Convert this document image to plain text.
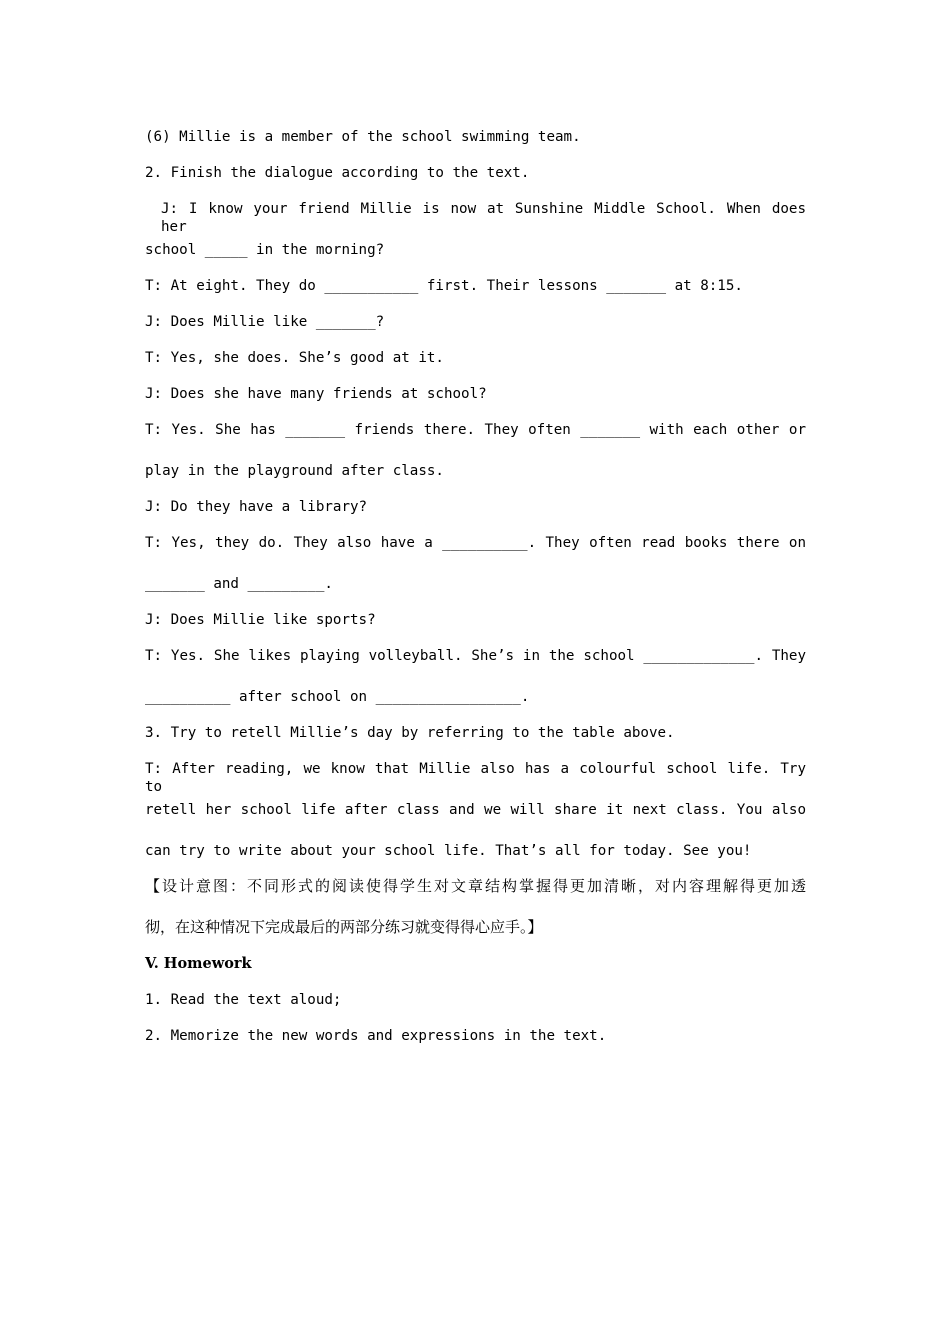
(6) Millie is a member of the school swimming team.
2. Finish the dialogue according to the text.
J: I know your friend Millie is now at Sunshine Middle School. When does her
school _____ in the morning?
T: At eight. They do ___________ first. Their lessons _______ at 8:15.
J: Does Millie like _______?
T: Yes, she does. She’s good at it.
J: Does she have many friends at school?
T: Yes. She has _______ friends there. They often _______ with each other or
play in the playground after class.
J: Do they have a library?
T: Yes, they do. They also have a __________. They often read books there on
_______ and _________.
J: Does Millie like sports?
T: Yes. She likes playing volleyball. She’s in the school _____________. They
__________ after school on _________________.
3. Try to retell Millie’s day by referring to the table above.
T: After reading, we know that Millie also has a colourful school life. Try to
retell her school life after class and we will share it next class. You also
can try to write about your school life. That’s all for today. See you!
【设计意图：不同形式的阅读使得学生对文章结构掌握得更加清晰，对内容理解得更加透
彻，在这种情况下完成最后的两部分练习就变得得心应手。】
V. Homework
1. Read the text aloud;
2. Memorize the new words and expressions in the text.
